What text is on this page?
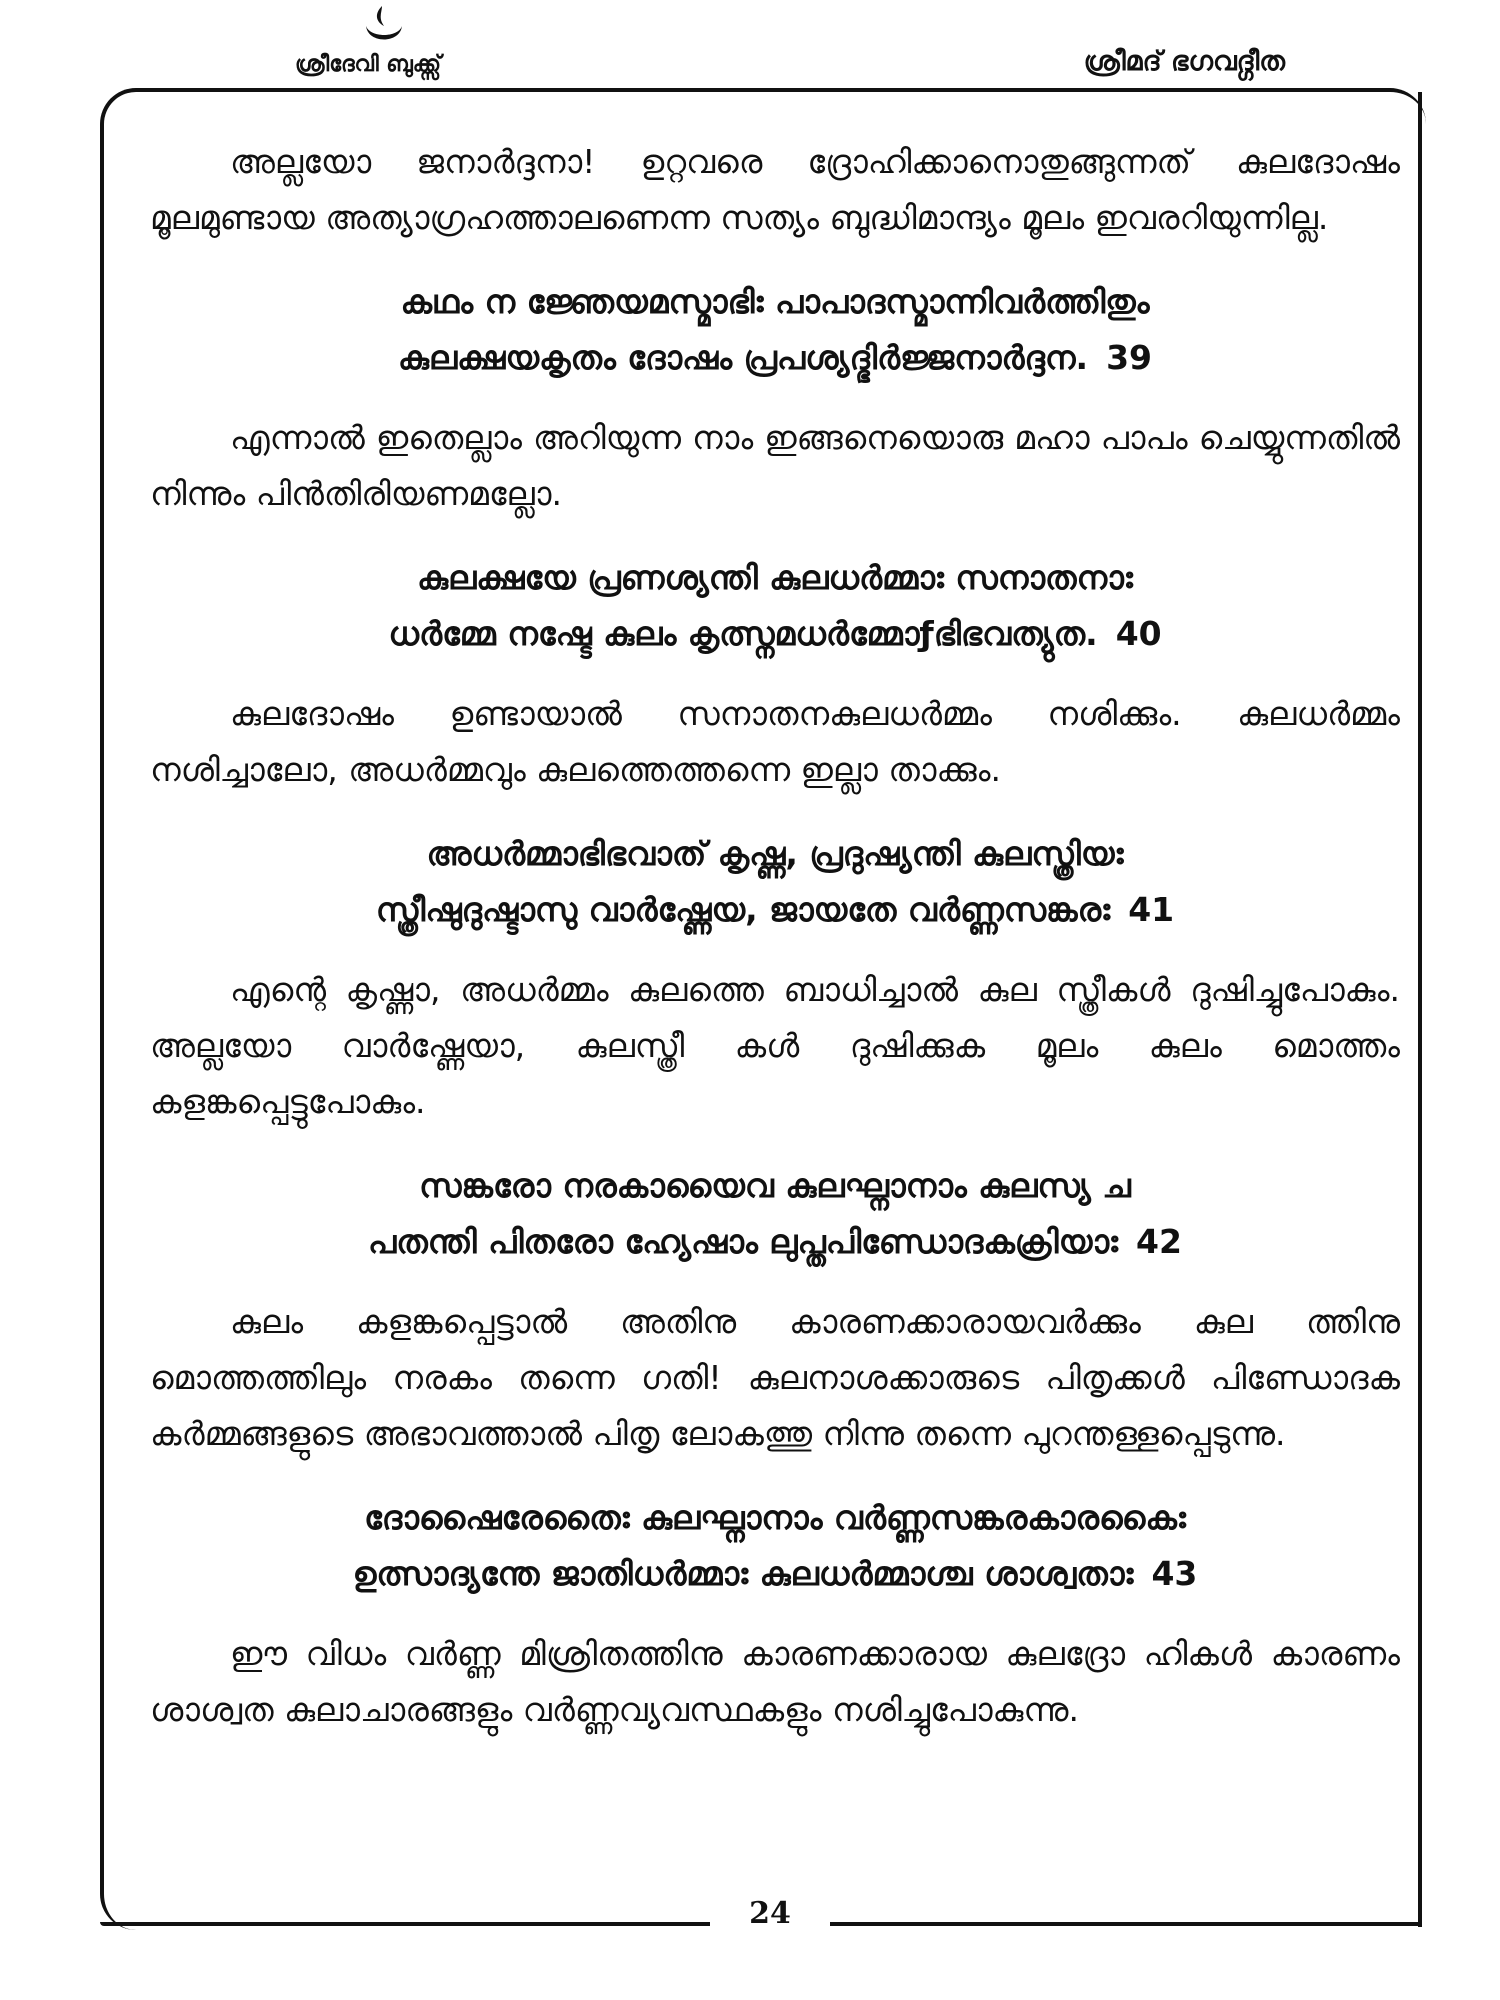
ശ്രീദേവി ബുക്ക്സ്	ശ്രീമദ് ഭഗവദ്ഗീത

അല്ലയോ ജനാർദ്ദനാ! ഉറ്റവരെ ദ്രോഹിക്കാനൊതുങ്ങുന്നത് കുലദോഷം മൂലമുണ്ടായ അത്യാഗ്രഹത്താലണെന്ന സത്യം ബുദ്ധിമാന്ദ്യം മൂലം ഇവരറിയുന്നില്ല.

കഥം ന ജ്ഞേയമസ്മാഭിഃ പാപാദസ്മാന്നിവർത്തിതും
കുലക്ഷയകൃതം ദോഷം പ്രപശ്യദ്ഭിർജ്ജനാർദ്ദന. 39

എന്നാൽ ഇതെല്ലാം അറിയുന്ന നാം ഇങ്ങനെയൊരു മഹാ പാപം ചെയ്യുന്നതിൽ നിന്നും പിൻതിരിയണമല്ലോ.

കുലക്ഷയേ പ്രണശ്യന്തി കുലധർമ്മാഃ സനാതനാഃ
ധർമ്മേ നഷ്ടേ കുലം കൃത്സ്നമധർമ്മോƒഭിഭവത്യുത. 40

കുലദോഷം ഉണ്ടായാൽ സനാതനകുലധർമ്മം നശിക്കും. കുലധർമ്മം നശിച്ചാലോ, അധർമ്മവും കുലത്തെത്തന്നെ ഇല്ലാ താക്കും.

അധർമ്മാഭിഭവാത് കൃഷ്ണ, പ്രദുഷ്യന്തി കുലസ്ത്രിയഃ
സ്ത്രീഷുദുഷ്ടാസു വാർഷ്ണേയ, ജായതേ വർണ്ണസങ്കരഃ 41

എന്റെ കൃഷ്ണാ, അധർമ്മം കുലത്തെ ബാധിച്ചാൽ കുല സ്ത്രീകൾ ദുഷിച്ചുപോകും. അല്ലയോ വാർഷ്ണേയാ, കുലസ്ത്രീ കൾ ദുഷിക്കുക മൂലം കുലം മൊത്തം കളങ്കപ്പെട്ടുപോകും.

സങ്കരോ നരകായൈവ കുലഘ്നാനാം കുലസ്യ ച
പതന്തി പിതരോ ഹ്യേഷാം ലുപ്തപിണ്ഡോദകക്രിയാഃ 42

കുലം കളങ്കപ്പെട്ടാൽ അതിനു കാരണക്കാരായവർക്കും കുല ത്തിനു മൊത്തത്തിലും നരകം തന്നെ ഗതി! കുലനാശക്കാരുടെ പിതൃക്കൾ പിണ്ഡോദക കർമ്മങ്ങളുടെ അഭാവത്താൽ പിതൃ ലോകത്തു നിന്നു തന്നെ പുറന്തള്ളപ്പെടുന്നു.

ദോഷൈരേതൈഃ കുലഘ്നാനാം വർണ്ണസങ്കരകാരകൈഃ
ഉത്സാദ്യന്തേ ജാതിധർമ്മാഃ കുലധർമ്മാശ്ച ശാശ്വതാഃ 43

ഈ വിധം വർണ്ണ മിശ്രിതത്തിനു കാരണക്കാരായ കുലദ്രോ ഹികൾ കാരണം ശാശ്വത കുലാചാരങ്ങളും വർണ്ണവ്യവസ്ഥകളും നശിച്ചുപോകുന്നു.

24
